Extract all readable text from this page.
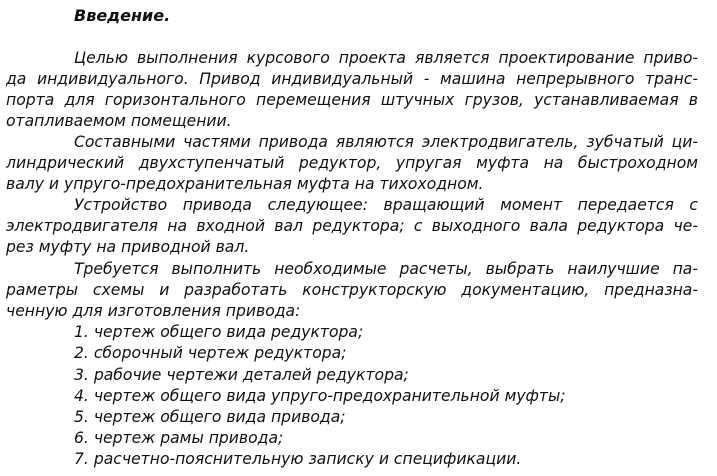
Введение.
Целью выполнения курсового проекта является проектирование приво-
да индивидуального. Привод индивидуальный - машина непрерывного транс-
порта для горизонтального перемещения штучных грузов, устанавливаемая в
отапливаемом помещении.
Составными частями привода являются электродвигатель, зубчатый ци-
линдрический двухступенчатый редуктор, упругая муфта на быстроходном
валу и упруго-предохранительная муфта на тихоходном.
Устройство привода следующее: вращающий момент передается с
электродвигателя на входной вал редуктора; с выходного вала редуктора че-
рез муфту на приводной вал.
Требуется выполнить необходимые расчеты, выбрать наилучшие па-
раметры схемы и разработать конструкторскую документацию, предназна-
ченную для изготовления привода:
1. чертеж общего вида редуктора;
2. сборочный чертеж редуктора;
3. рабочие чертежи деталей редуктора;
4. чертеж общего вида упруго-предохранительной муфты;
5. чертеж общего вида привода;
6. чертеж рамы привода;
7. расчетно-пояснительную записку и спецификации.
